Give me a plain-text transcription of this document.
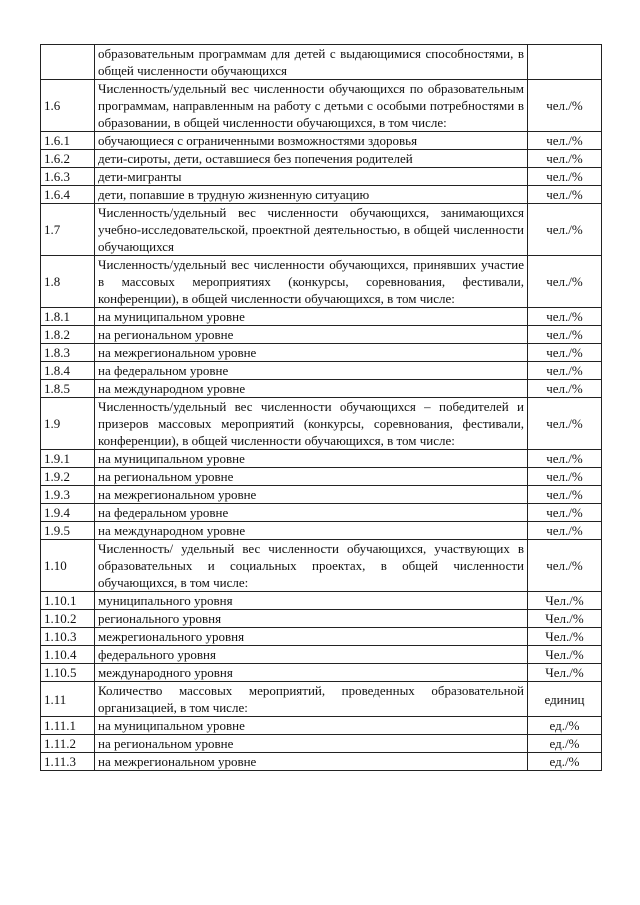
	образовательным программам для детей с выдающимися способностями, в общей численности обучающихся	
1.6	Численность/удельный вес численности обучающихся по образовательным программам, направленным на работу с детьми с особыми потребностями в образовании, в общей численности обучающихся, в том числе:	чел./%
1.6.1	обучающиеся с ограниченными возможностями здоровья	чел./%
1.6.2	дети-сироты, дети, оставшиеся без попечения родителей	чел./%
1.6.3	дети-мигранты	чел./%
1.6.4	дети, попавшие в трудную жизненную ситуацию	чел./%
1.7	Численность/удельный вес численности обучающихся, занимающихся учебно-исследовательской, проектной деятельностью, в общей численности обучающихся	чел./%
1.8	Численность/удельный вес численности обучающихся, принявших участие в массовых мероприятиях (конкурсы, соревнования, фестивали, конференции), в общей численности обучающихся, в том числе:	чел./%
1.8.1	на муниципальном уровне	чел./%
1.8.2	на региональном уровне	чел./%
1.8.3	на межрегиональном уровне	чел./%
1.8.4	на федеральном уровне	чел./%
1.8.5	на международном уровне	чел./%
1.9	Численность/удельный вес численности обучающихся – победителей и призеров массовых мероприятий (конкурсы, соревнования, фестивали, конференции), в общей численности обучающихся, в том числе:	чел./%
1.9.1	на муниципальном уровне	чел./%
1.9.2	на региональном уровне	чел./%
1.9.3	на межрегиональном уровне	чел./%
1.9.4	на федеральном уровне	чел./%
1.9.5	на международном уровне	чел./%
1.10	Численность/ удельный вес численности обучающихся, участвующих в образовательных и социальных проектах, в общей численности обучающихся, в том числе:	чел./%
1.10.1	муниципального уровня	Чел./%
1.10.2	регионального уровня	Чел./%
1.10.3	межрегионального уровня	Чел./%
1.10.4	федерального уровня	Чел./%
1.10.5	международного уровня	Чел./%
1.11	Количество массовых мероприятий, проведенных образовательной организацией, в том числе:	единиц
1.11.1	на муниципальном уровне	ед./%
1.11.2	на региональном уровне	ед./%
1.11.3	на межрегиональном уровне	ед./%
